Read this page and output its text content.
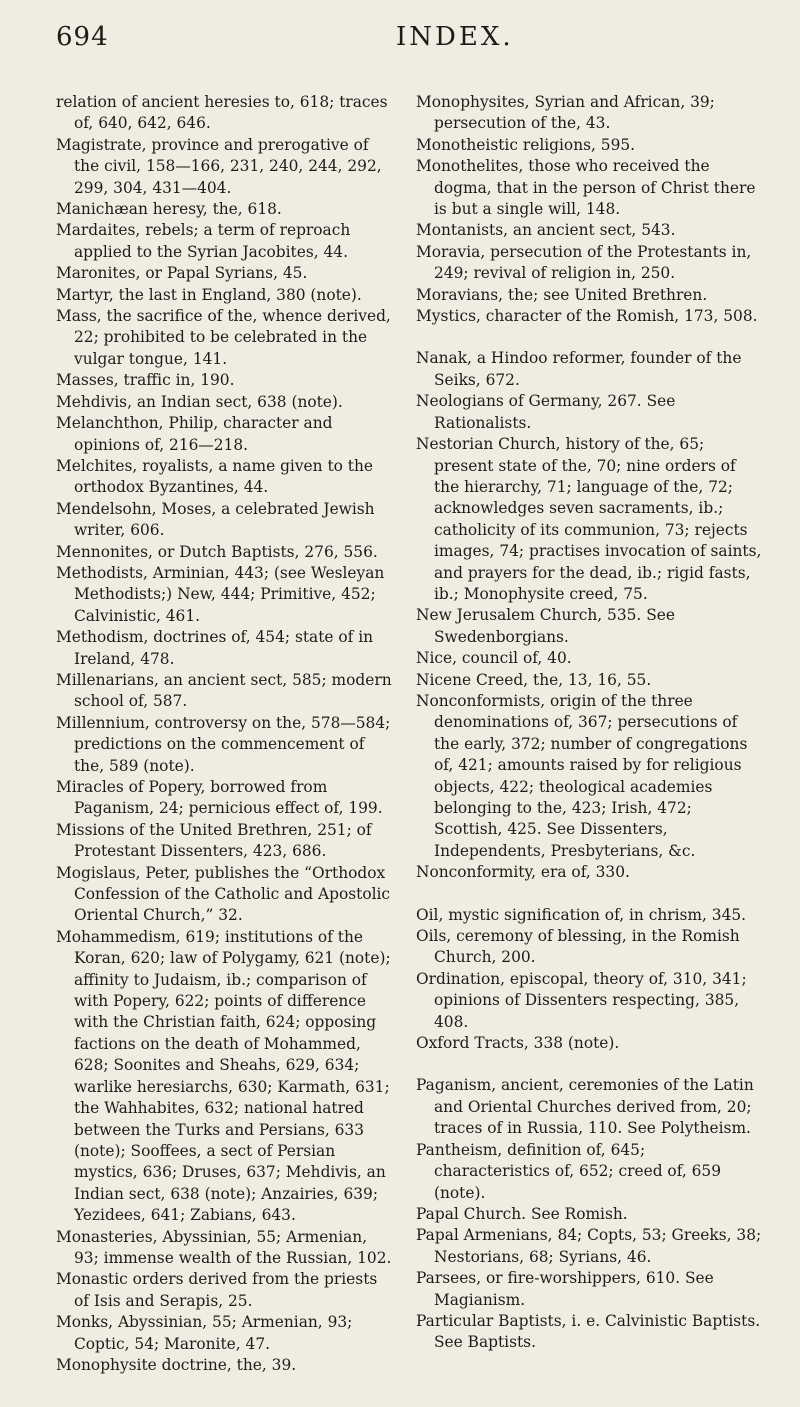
694	INDEX.

relation of ancient heresies to, 618; traces of, 640, 642, 646.

Magistrate, province and prerogative of the civil, 158—166, 231, 240, 244, 292, 299, 304, 431—404.

Manichæan heresy, the, 618.

Mardaites, rebels; a term of reproach applied to the Syrian Jacobites, 44.

Maronites, or Papal Syrians, 45.

Martyr, the last in England, 380 (note).

Mass, the sacrifice of the, whence derived, 22; prohibited to be celebrated in the vulgar tongue, 141.

Masses, traffic in, 190.

Mehdivis, an Indian sect, 638 (note).

Melanchthon, Philip, character and opinions of, 216—218.

Melchites, royalists, a name given to the orthodox Byzantines, 44.

Mendelsohn, Moses, a celebrated Jewish writer, 606.

Mennonites, or Dutch Baptists, 276, 556.

Methodists, Arminian, 443; (see Wesleyan Methodists;) New, 444; Primitive, 452; Calvinistic, 461.

Methodism, doctrines of, 454; state of in Ireland, 478.

Millenarians, an ancient sect, 585; modern school of, 587.

Millennium, controversy on the, 578—584; predictions on the commencement of the, 589 (note).

Miracles of Popery, borrowed from Paganism, 24; pernicious effect of, 199.

Missions of the United Brethren, 251; of Protestant Dissenters, 423, 686.

Mogislaus, Peter, publishes the “Orthodox Confession of the Catholic and Apostolic Oriental Church,” 32.

Mohammedism, 619; institutions of the Koran, 620; law of Polygamy, 621 (note); affinity to Judaism, ib.; comparison of with Popery, 622; points of difference with the Christian faith, 624; opposing factions on the death of Mohammed, 628; Soonites and Sheahs, 629, 634; warlike heresiarchs, 630; Karmath, 631; the Wahhabites, 632; national hatred between the Turks and Persians, 633 (note); Sooffees, a sect of Persian mystics, 636; Druses, 637; Mehdivis, an Indian sect, 638 (note); Anzairies, 639; Yezidees, 641; Zabians, 643.

Monasteries, Abyssinian, 55; Armenian, 93; immense wealth of the Russian, 102.

Monastic orders derived from the priests of Isis and Serapis, 25.

Monks, Abyssinian, 55; Armenian, 93; Coptic, 54; Maronite, 47.

Monophysite doctrine, the, 39.

Monophysites, Syrian and African, 39; persecution of the, 43.

Monotheistic religions, 595.

Monothelites, those who received the dogma, that in the person of Christ there is but a single will, 148.

Montanists, an ancient sect, 543.

Moravia, persecution of the Protestants in, 249; revival of religion in, 250.

Moravians, the; see United Brethren.

Mystics, character of the Romish, 173, 508.

Nanak, a Hindoo reformer, founder of the Seiks, 672.

Neologians of Germany, 267. See Rationalists.

Nestorian Church, history of the, 65; present state of the, 70; nine orders of the hierarchy, 71; language of the, 72; acknowledges seven sacraments, ib.; catholicity of its communion, 73; rejects images, 74; practises invocation of saints, and prayers for the dead, ib.; rigid fasts, ib.; Monophysite creed, 75.

New Jerusalem Church, 535. See Swedenborgians.

Nice, council of, 40.

Nicene Creed, the, 13, 16, 55.

Nonconformists, origin of the three denominations of, 367; persecutions of the early, 372; number of congregations of, 421; amounts raised by for religious objects, 422; theological academies belonging to the, 423; Irish, 472; Scottish, 425. See Dissenters, Independents, Presbyterians, &c.

Nonconformity, era of, 330.

Oil, mystic signification of, in chrism, 345.

Oils, ceremony of blessing, in the Romish Church, 200.

Ordination, episcopal, theory of, 310, 341; opinions of Dissenters respecting, 385, 408.

Oxford Tracts, 338 (note).

Paganism, ancient, ceremonies of the Latin and Oriental Churches derived from, 20; traces of in Russia, 110. See Polytheism.

Pantheism, definition of, 645; characteristics of, 652; creed of, 659 (note).

Papal Church. See Romish.

Papal Armenians, 84; Copts, 53; Greeks, 38; Nestorians, 68; Syrians, 46.

Parsees, or fire-worshippers, 610. See Magianism.

Particular Baptists, i. e. Calvinistic Baptists. See Baptists.
